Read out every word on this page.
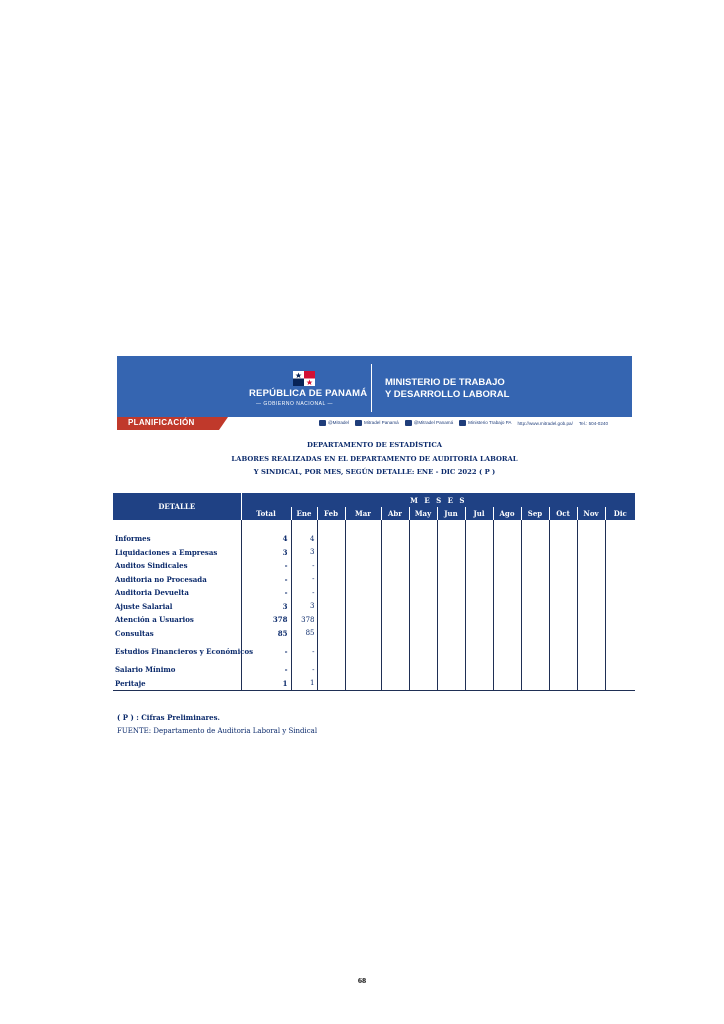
REPÚBLICA DE PANAMÁ
— GOBIERNO NACIONAL —
MINISTERIO DE TRABAJO
Y DESARROLLO LABORAL
PLANIFICACIÓN	@Mitradel	Mitradel Panamá	@Mitradel Panamá	Ministerio Trabajo PA http://www.mitradel.gob.pa/ Tel.: 504-0240
DEPARTAMENTO DE ESTADÍSTICA
LABORES REALIZADAS EN EL DEPARTAMENTO DE AUDITORÍA LABORAL
Y SINDICAL, POR MES, SEGÚN DETALLE: ENE - DIC 2022 ( P )
DETALLE	M E S E S												
	Total	Ene	Feb	Mar	Abr	May	Jun	Jul	Ago	Sep	Oct	Nov	Dic

Informes	4	4											
Liquidaciones a Empresas	3	3											
Auditos Sindicales	-	-											
Auditoria no Procesada	-	-											
Auditoria Devuelta	-	-											
Ajuste Salarial	3	3											
Atención a Usuarios	378	378											
Consultas	85	85											
Estudios Financieros y Económicos	-	-											
Salario Mínimo	-	-											
Peritaje	1	1											
( P ) : Cifras Preliminares.
FUENTE: Departamento de Auditoria Laboral y Sindical
68
